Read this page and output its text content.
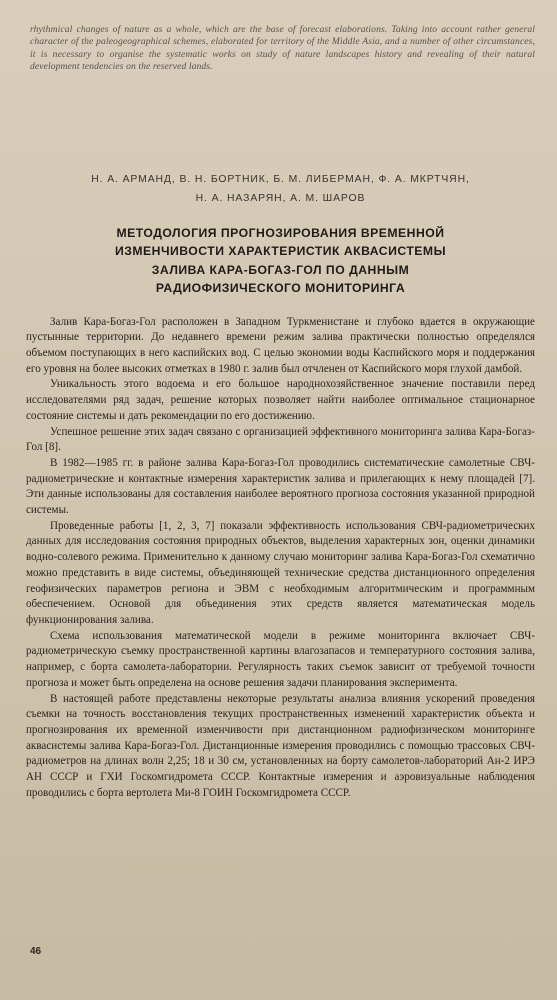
rhythmical changes of nature as a whole, which are the base of forecast elaborations. Taking into account rather general character of the paleogeographical schemes, elaborated for territory of the Middle Asia, and a number of other circumstances, it is necessary to organise the systematic works on study of nature landscapes history and revealing of their natural development tendencies on the reserved lands.

Н. А. АРМАНД, В. Н. БОРТНИК, Б. М. ЛИБЕРМАН, Ф. А. МКРТЧЯН,
Н. А. НАЗАРЯН, А. М. ШАРОВ
МЕТОДОЛОГИЯ ПРОГНОЗИРОВАНИЯ ВРЕМЕННОЙ
ИЗМЕНЧИВОСТИ ХАРАКТЕРИСТИК АКВАСИСТЕМЫ
ЗАЛИВА КАРА-БОГАЗ-ГОЛ ПО ДАННЫМ
РАДИОФИЗИЧЕСКОГО МОНИТОРИНГА

Залив Кара-Богаз-Гол расположен в Западном Туркменистане и глубоко вдается в окружающие пустынные территории. До недавнего времени режим залива практически полностью определялся объемом поступающих в него каспийских вод. С целью экономии воды Каспийского моря и поддержания его уровня на более высоких отметках в 1980 г. залив был отчленен от Каспийского моря глухой дамбой.

Уникальность этого водоема и его большое народнохозяйственное значение поставили перед исследователями ряд задач, решение которых позволяет найти наиболее оптимальное стационарное состояние системы и дать рекомендации по его достижению.

Успешное решение этих задач связано с организацией эффективного мониторинга залива Кара-Богаз-Гол [8].

В 1982—1985 гг. в районе залива Кара-Богаз-Гол проводились систематические самолетные СВЧ-радиометрические и контактные измерения характеристик залива и прилегающих к нему площадей [7]. Эти данные использованы для составления наиболее вероятного прогноза состояния указанной природной системы.

Проведенные работы [1, 2, 3, 7] показали эффективность использования СВЧ-радиометрических данных для исследования состояния природных объектов, выделения характерных зон, оценки динамики водно-солевого режима. Применительно к данному случаю мониторинг залива Кара-Богаз-Гол схематично можно представить в виде системы, объединяющей технические средства дистанционного определения геофизических параметров региона и ЭВМ с необходимым алгоритмическим и программным обеспечением. Основой для объединения этих средств является математическая модель функционирования залива.

Схема использования математической модели в режиме мониторинга включает СВЧ-радиометрическую съемку пространственной картины влагозапасов и температурного состояния залива, например, с борта самолета-лаборатории. Регулярность таких съемок зависит от требуемой точности прогноза и может быть определена на основе решения задачи планирования эксперимента.

В настоящей работе представлены некоторые результаты анализа влияния ускорений проведения съемки на точность восстановления текущих пространственных изменений характеристик объекта и прогнозирования их временной изменчивости при дистанционном радиофизическом мониторинге аквасистемы залива Кара-Богаз-Гол. Дистанционные измерения проводились с помощью трассовых СВЧ-радиометров на длинах волн 2,25; 18 и 30 см, установленных на борту самолетов-лабораторий Ан-2 ИРЭ АН СССР и ГХИ Госкомгидромета СССР. Контактные измерения и аэровизуальные наблюдения проводились с борта вертолета Ми-8 ГОИН Госкомгидромета СССР.

46
